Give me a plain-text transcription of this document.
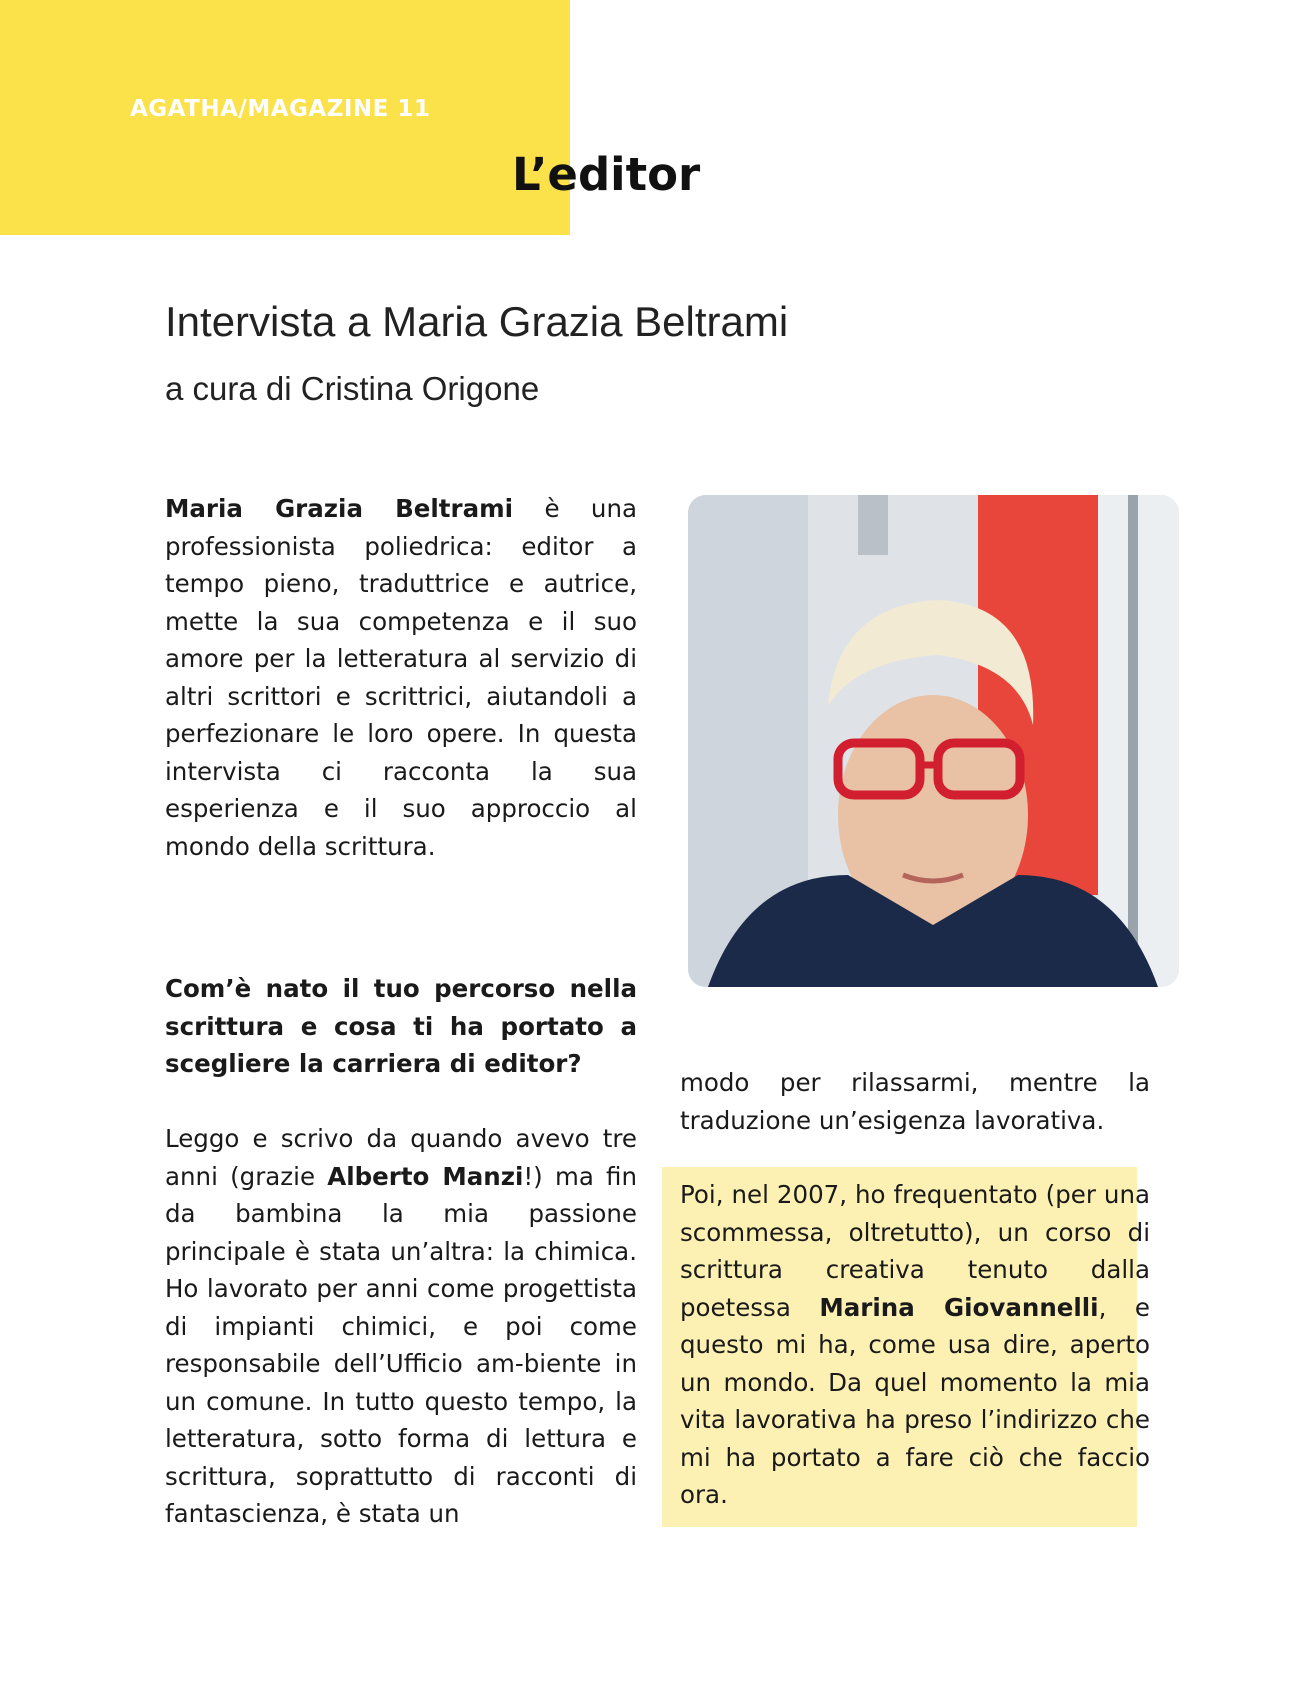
AGATHA/MAGAZINE 11
L’editor
Intervista a Maria Grazia Beltrami
a cura di Cristina Origone

Maria Grazia Beltrami è una professionista poliedrica: editor a tempo pieno, traduttrice e autrice, mette la sua competenza e il suo amore per la letteratura al servizio di altri scrittori e scrittrici, aiutandoli a perfezionare le loro opere. In questa intervista ci racconta la sua esperienza e il suo approccio al mondo della scrittura.

Com’è nato il tuo percorso nella scrittura e cosa ti ha portato a scegliere la carriera di editor?

Leggo e scrivo da quando avevo tre anni (grazie Alberto Manzi!) ma fin da bambina la mia passione principale è stata un’altra: la chimica. Ho lavorato per anni come progettista di impianti chimici, e poi come responsabile dell’Ufficio am-biente in un comune. In tutto questo tempo, la letteratura, sotto forma di lettura e scrittura, soprattutto di racconti di fantascienza, è stata un

modo per rilassarmi, mentre la traduzione un’esigenza lavorativa.

Poi, nel 2007, ho frequentato (per una scommessa, oltretutto), un corso di scrittura creativa tenuto dalla poetessa Marina Giovannelli, e questo mi ha, come usa dire, aperto un mondo. Da quel momento la mia vita lavorativa ha preso l’indirizzo che mi ha portato a fare ciò che faccio ora.
